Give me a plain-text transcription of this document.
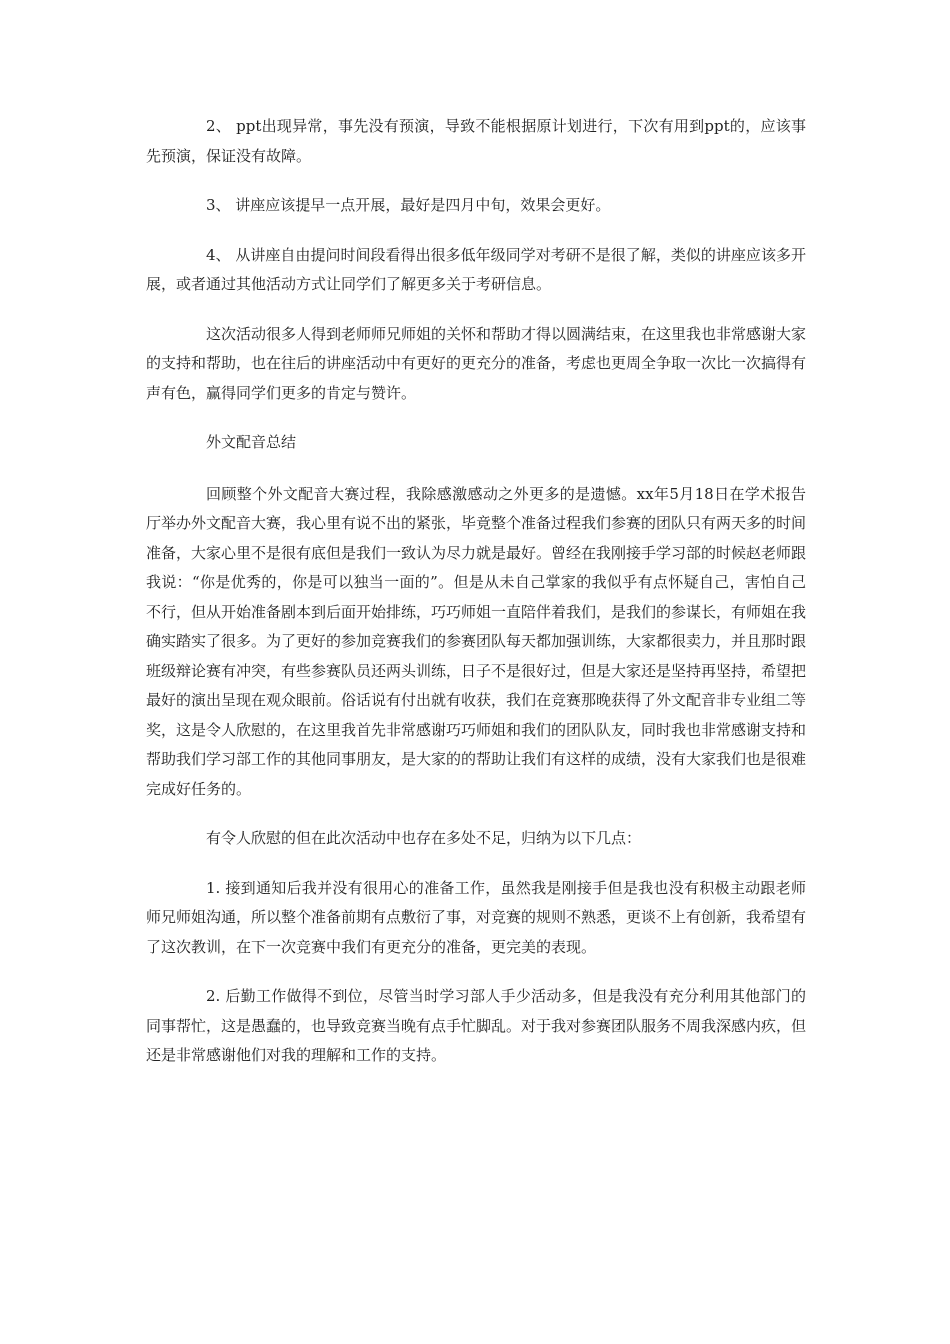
2、 ppt出现异常，事先没有预演，导致不能根据原计划进行，下次有用到ppt的，应该事先预演，保证没有故障。

3、 讲座应该提早一点开展，最好是四月中旬，效果会更好。

4、 从讲座自由提问时间段看得出很多低年级同学对考研不是很了解，类似的讲座应该多开展，或者通过其他活动方式让同学们了解更多关于考研信息。

这次活动很多人得到老师师兄师姐的关怀和帮助才得以圆满结束，在这里我也非常感谢大家的支持和帮助，也在往后的讲座活动中有更好的更充分的准备，考虑也更周全争取一次比一次搞得有声有色，赢得同学们更多的肯定与赞许。

外文配音总结

回顾整个外文配音大赛过程，我除感激感动之外更多的是遗憾。xx年5月18日在学术报告厅举办外文配音大赛，我心里有说不出的紧张，毕竟整个准备过程我们参赛的团队只有两天多的时间准备，大家心里不是很有底但是我们一致认为尽力就是最好。曾经在我刚接手学习部的时候赵老师跟我说：“你是优秀的，你是可以独当一面的”。但是从未自己掌家的我似乎有点怀疑自己，害怕自己不行，但从开始准备剧本到后面开始排练，巧巧师姐一直陪伴着我们，是我们的参谋长，有师姐在我确实踏实了很多。为了更好的参加竞赛我们的参赛团队每天都加强训练，大家都很卖力，并且那时跟班级辩论赛有冲突，有些参赛队员还两头训练，日子不是很好过，但是大家还是坚持再坚持，希望把最好的演出呈现在观众眼前。俗话说有付出就有收获，我们在竞赛那晚获得了外文配音非专业组二等奖，这是令人欣慰的，在这里我首先非常感谢巧巧师姐和我们的团队队友，同时我也非常感谢支持和帮助我们学习部工作的其他同事朋友，是大家的的帮助让我们有这样的成绩，没有大家我们也是很难完成好任务的。

有令人欣慰的但在此次活动中也存在多处不足，归纳为以下几点：

1. 接到通知后我并没有很用心的准备工作，虽然我是刚接手但是我也没有积极主动跟老师师兄师姐沟通，所以整个准备前期有点敷衍了事，对竞赛的规则不熟悉，更谈不上有创新，我希望有了这次教训，在下一次竞赛中我们有更充分的准备，更完美的表现。

2. 后勤工作做得不到位，尽管当时学习部人手少活动多，但是我没有充分利用其他部门的同事帮忙，这是愚蠢的，也导致竞赛当晚有点手忙脚乱。对于我对参赛团队服务不周我深感内疚，但还是非常感谢他们对我的理解和工作的支持。
